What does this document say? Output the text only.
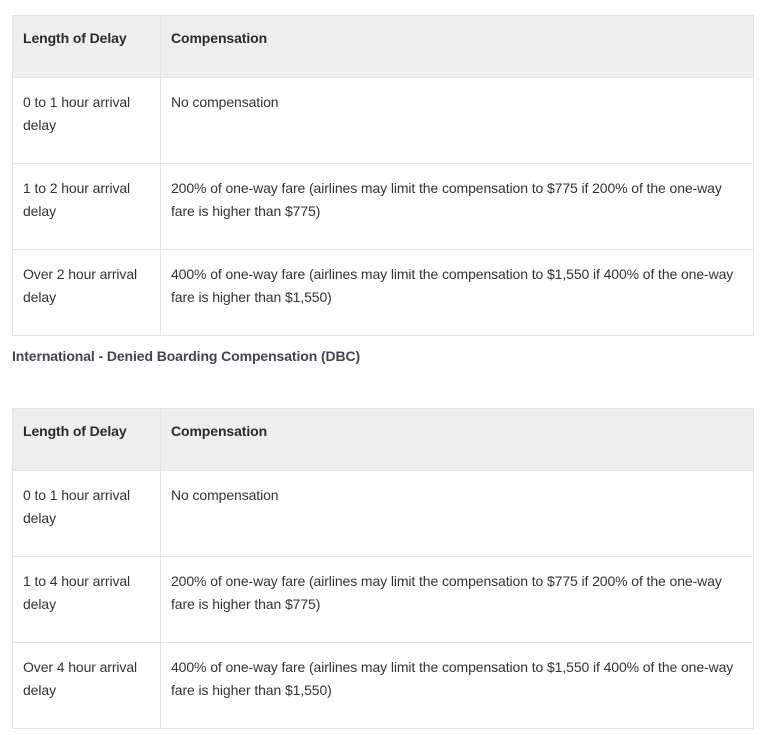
Length of Delay	Compensation
0 to 1 hour arrival delay	No compensation
1 to 2 hour arrival delay	200% of one-way fare (airlines may limit the compensation to $775 if 200% of the one-way fare is higher than $775)
Over 2 hour arrival delay	400% of one-way fare (airlines may limit the compensation to $1,550 if 400% of the one-way fare is higher than $1,550)
International - Denied Boarding Compensation (DBC)
Length of Delay	Compensation
0 to 1 hour arrival delay	No compensation
1 to 4 hour arrival delay	200% of one-way fare (airlines may limit the compensation to $775 if 200% of the one-way fare is higher than $775)
Over 4 hour arrival delay	400% of one-way fare (airlines may limit the compensation to $1,550 if 400% of the one-way fare is higher than $1,550)
